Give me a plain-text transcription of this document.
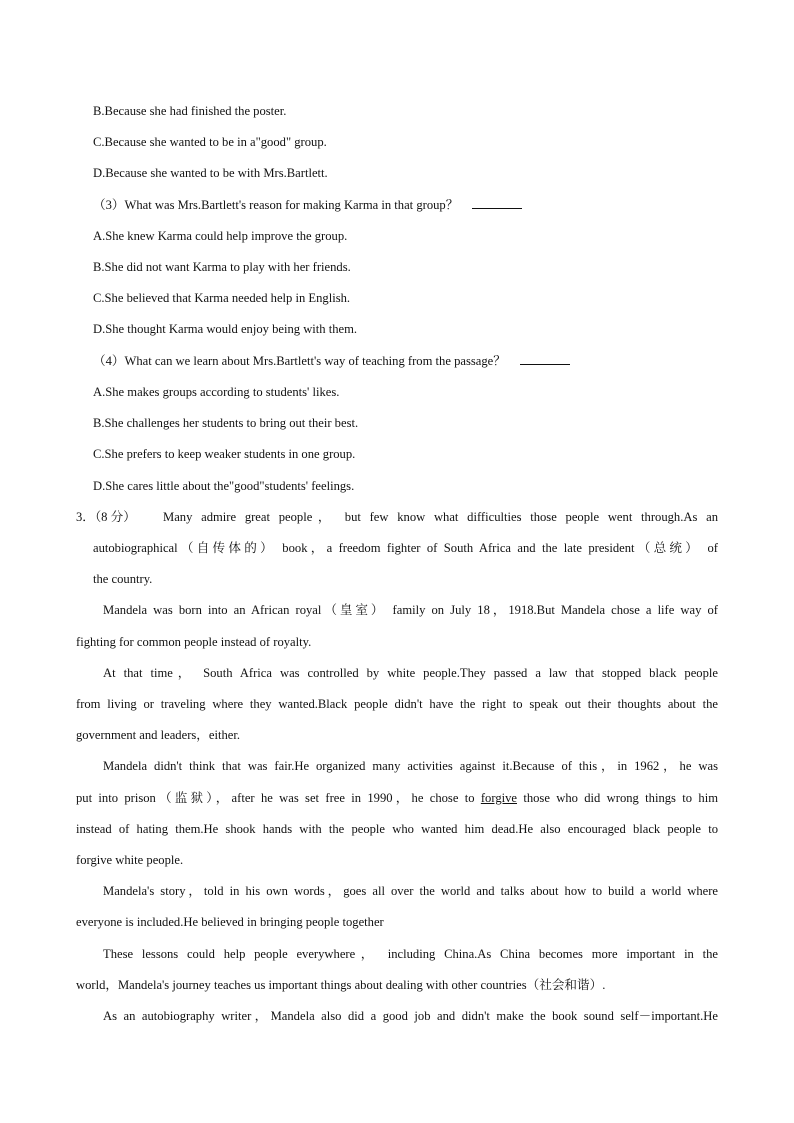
B.Because she had finished the poster.
C.Because she wanted to be in a"good" group.
D.Because she wanted to be with Mrs.Bartlett.
（3）What was Mrs.Bartlett's reason for making Karma in that group？
A.She knew Karma could help improve the group.
B.She did not want Karma to play with her friends.
C.She believed that Karma needed help in English.
D.She thought Karma would enjoy being with them.
（4）What can we learn about Mrs.Bartlett's way of teaching from the passage？
A.She makes groups according to students' likes.
B.She challenges her students to bring out their best.
C.She prefers to keep weaker students in one group.
D.She cares little about the"good"students' feelings.
3．（8 分） Many admire great people， but few know what difficulties those people went through.As an
autobiographical（自传体的） book，a freedom fighter of South Africa and the late president（总统） of
the country.
Mandela was born into an African royal（皇室） family on July 18，1918.But Mandela chose a life way of
fighting for common people instead of royalty.
At that time， South Africa was controlled by white people.They passed a law that stopped black people
from living or traveling where they wanted.Black people didn't have the right to speak out their thoughts about the
government and leaders，either.
Mandela didn't think that was fair.He organized many activities against it.Because of this，in 1962，he was
put into prison（监狱），after he was set free in 1990，he chose to forgive those who did wrong things to him
instead of hating them.He shook hands with the people who wanted him dead.He also encouraged black people to
forgive white people.
Mandela's story，told in his own words，goes all over the world and talks about how to build a world where
everyone is included.He believed in bringing people together
These lessons could help people everywhere， including China.As China becomes more important in the
world，Mandela's journey teaches us important things about dealing with other countries（社会和谐）.
As an autobiography writer，Mandela also did a good job and didn't make the book sound self－important.He
